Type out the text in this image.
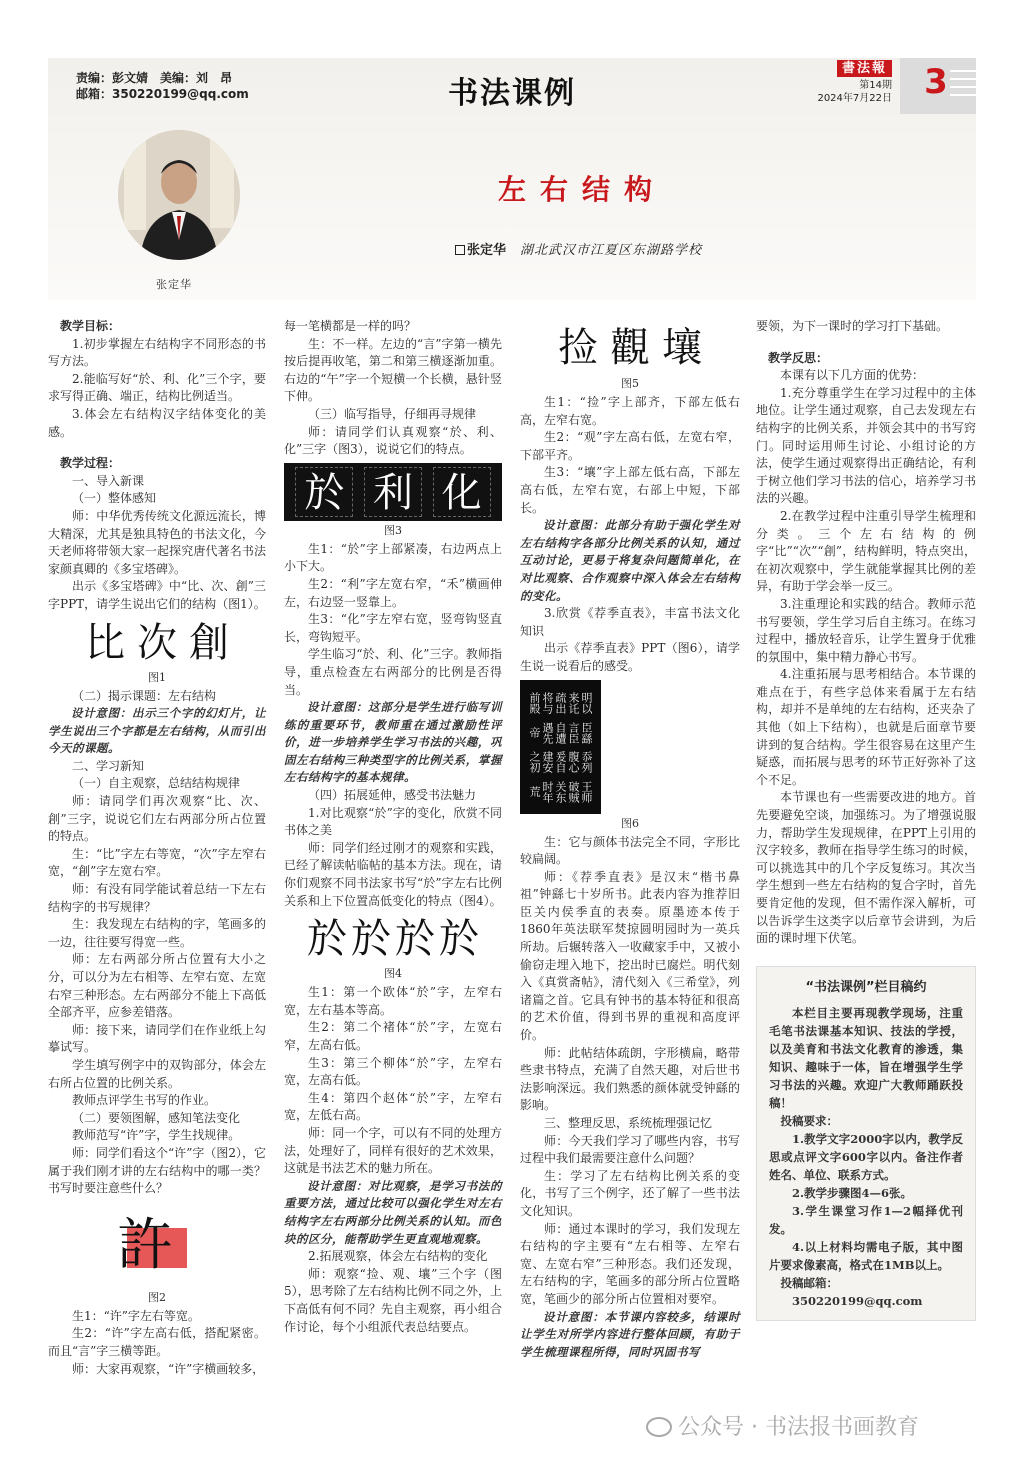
责编：彭文婧　美编：刘　昂
邮箱：350220199@qq.com	书法课例
書法報
第14期
2024年7月22日 3
张定华
左右结构
张定华 湖北武汉市江夏区东湖路学校

教学目标：

1.初步掌握左右结构字不同形态的书写方法。

2.能临写好“於、利、化”三个字，要求写得正确、端正，结构比例适当。

3.体会左右结构汉字结体变化的美感。

教学过程：

一、导入新课

（一）整体感知

师：中华优秀传统文化源远流长，博大精深，尤其是独具特色的书法文化，今天老师将带领大家一起探究唐代著名书法家颜真卿的《多宝塔碑》。

出示《多宝塔碑》中“比、次、創”三字PPT，请学生说出它们的结构（图1）。

比 次 創
图1

（二）揭示课题：左右结构

设计意图：出示三个字的幻灯片，让学生说出三个字都是左右结构，从而引出今天的课题。

二、学习新知

（一）自主观察，总结结构规律

师：请同学们再次观察“比、次、創”三字，说说它们左右两部分所占位置的特点。

生：“比”字左右等宽，“次”字左窄右宽，“創”字左宽右窄。

师：有没有同学能试着总结一下左右结构字的书写规律？

生：我发现左右结构的字，笔画多的一边，往往要写得宽一些。

师：左右两部分所占位置有大小之分，可以分为左右相等、左窄右宽、左宽右窄三种形态。左右两部分不能上下高低全部齐平，应参差错落。

师：接下来，请同学们在作业纸上勾摹试写。

学生填写例字中的双钩部分，体会左右所占位置的比例关系。

教师点评学生书写的作业。

（二）要领图解，感知笔法变化

教师范写“许”字，学生找规律。

师：同学们看这个“许”字（图2），它属于我们刚才讲的左右结构中的哪一类？书写时要注意些什么？

許
图2

生1：“许”字左右等宽。

生2：“许”字左高右低，搭配紧密。而且“言”字三横等距。

师：大家再观察，“许”字横画较多，

每一笔横都是一样的吗？

生：不一样。左边的“言”字第一横先按后提再收笔，第二和第三横逐渐加重。右边的“午”字一个短横一个长横，悬针竖下伸。

（三）临写指导，仔细再寻规律

师：请同学们认真观察“於、利、化”三字（图3），说说它们的特点。

於 利 化
图3

生1：“於”字上部紧凑，右边两点上小下大。

生2：“利”字左宽右窄，“禾”横画伸左，右边竖一竖靠上。

生3：“化”字左窄右宽，竖弯钩竖直长，弯钩短平。

学生临习“於、利、化”三字。教师指导，重点检查左右两部分的比例是否得当。

设计意图：这部分是学生进行临写训练的重要环节，教师重在通过激励性评价，进一步培养学生学习书法的兴趣，巩固左右结构三种类型字的比例关系，掌握左右结构字的基本规律。

（四）拓展延伸，感受书法魅力

1.对比观察“於”字的变化，欣赏不同书体之美

师：同学们经过刚才的观察和实践，已经了解读帖临帖的基本方法。现在，请你们观察不同书法家书写“於”字左右比例关系和上下位置高低变化的特点（图4）。

於 於 於 於
图4

生1：第一个欧体“於”字，左窄右宽，左右基本等高。

生2：第二个褚体“於”字，左宽右窄，左高右低。

生3：第三个柳体“於”字，左窄右宽，左高右低。

生4：第四个赵体“於”字，左窄右宽，左低右高。

师：同一个字，可以有不同的处理方法，处理好了，同样有很好的艺术效果，这就是书法艺术的魅力所在。

设计意图：对比观察，是学习书法的重要方法，通过比较可以强化学生对左右结构字左右两部分比例关系的认知。而色块的区分，能帮助学生更直观地观察。

2.拓展观察，体会左右结构的变化

师：观察“捡、观、壤”三个字（图5），思考除了左右结构比例不同之外，上下高低有何不同？先自主观察，再小组合作讨论，每个小组派代表总结要点。

捡 觀 壤
图5

生1：“捡”字上部齐，下部左低右高，左窄右宽。

生2：“观”字左高右低，左宽右窄，下部平齐。

生3：“壤”字上部左低右高，下部左高右低，左窄右宽，右部上中短，下部长。

设计意图：此部分有助于强化学生对左右结构字各部分比例关系的认知，通过互动讨论，更易于将复杂问题简单化，在对比观察、合作观察中深入体会左右结构的变化。

3.欣赏《荐季直表》，丰富书法文化知识

出示《荐季直表》PPT（图6），请学生说一说看后的感受。

明以来讬疏出将与前殿
臣繇言臣自遭遇先帝
忝列腹心爰自建安之初
王师破贼关东时年荒
图6

生：它与颜体书法完全不同，字形比较扁阔。

师：《荐季直表》是汉末“楷书鼻祖”钟繇七十岁所书。此表内容为推荐旧臣关内侯季直的表奏。原墨迹本传于1860年英法联军焚掠圆明园时为一英兵所劫。后辗转落入一收藏家手中，又被小偷窃走埋入地下，挖出时已腐烂。明代刻入《真赏斋帖》，清代刻入《三希堂》，列诸篇之首。它具有钟书的基本特征和很高的艺术价值，得到书界的重视和高度评价。

师：此帖结体疏朗，字形横扁，略带些隶书特点，充满了自然天趣，对后世书法影响深远。我们熟悉的颜体就受钟繇的影响。

三、整理反思，系统梳理强记忆

师：今天我们学习了哪些内容，书写过程中我们最需要注意什么问题？

生：学习了左右结构比例关系的变化，书写了三个例字，还了解了一些书法文化知识。

师：通过本课时的学习，我们发现左右结构的字主要有“左右相等、左窄右宽、左宽右窄”三种形态。我们还发现，左右结构的字，笔画多的部分所占位置略宽，笔画少的部分所占位置相对要窄。

设计意图：本节课内容较多，结课时让学生对所学内容进行整体回顾，有助于学生梳理课程所得，同时巩固书写

要领，为下一课时的学习打下基础。

教学反思：

本课有以下几方面的优势：

1.充分尊重学生在学习过程中的主体地位。让学生通过观察，自己去发现左右结构字的比例关系，并领会其中的书写窍门。同时运用师生讨论、小组讨论的方法，使学生通过观察得出正确结论，有利于树立他们学习书法的信心，培养学习书法的兴趣。

2.在教学过程中注重引导学生梳理和分类。三个左右结构的例字“比”“次”“創”，结构鲜明，特点突出，在初次观察中，学生就能掌握其比例的差异，有助于学会举一反三。

3.注重理论和实践的结合。教师示范书写要领，学生学习后自主练习。在练习过程中，播放轻音乐，让学生置身于优雅的氛围中，集中精力静心书写。

4.注重拓展与思考相结合。本节课的难点在于，有些字总体来看属于左右结构，却并不是单纯的左右结构，还夹杂了其他（如上下结构），也就是后面章节要讲到的复合结构。学生很容易在这里产生疑惑，而拓展与思考的环节正好弥补了这个不足。

本节课也有一些需要改进的地方。首先要避免空谈，加强练习。为了增强说服力，帮助学生发现规律，在PPT上引用的汉字较多，教师在指导学生练习的时候，可以挑选其中的几个字反复练习。其次当学生想到一些左右结构的复合字时，首先要肯定他的发现，但不需作深入解析，可以告诉学生这类字以后章节会讲到，为后面的课时埋下伏笔。

“书法课例”栏目稿约

本栏目主要再现教学现场，注重毛笔书法课基本知识、技法的学授，以及美育和书法文化教育的渗透，集知识、趣味于一体，旨在增强学生学习书法的兴趣。欢迎广大教师踊跃投稿！

投稿要求：

1.教学文字2000字以内，教学反思或点评文字600字以内。备注作者姓名、单位、联系方式。

2.教学步骤图4—6张。

3.学生课堂习作1—2幅择优刊发。

4.以上材料均需电子版，其中图片要求像素高，格式在1MB以上。

投稿邮箱：

350220199@qq.com

公众号 · 书法报书画教育
